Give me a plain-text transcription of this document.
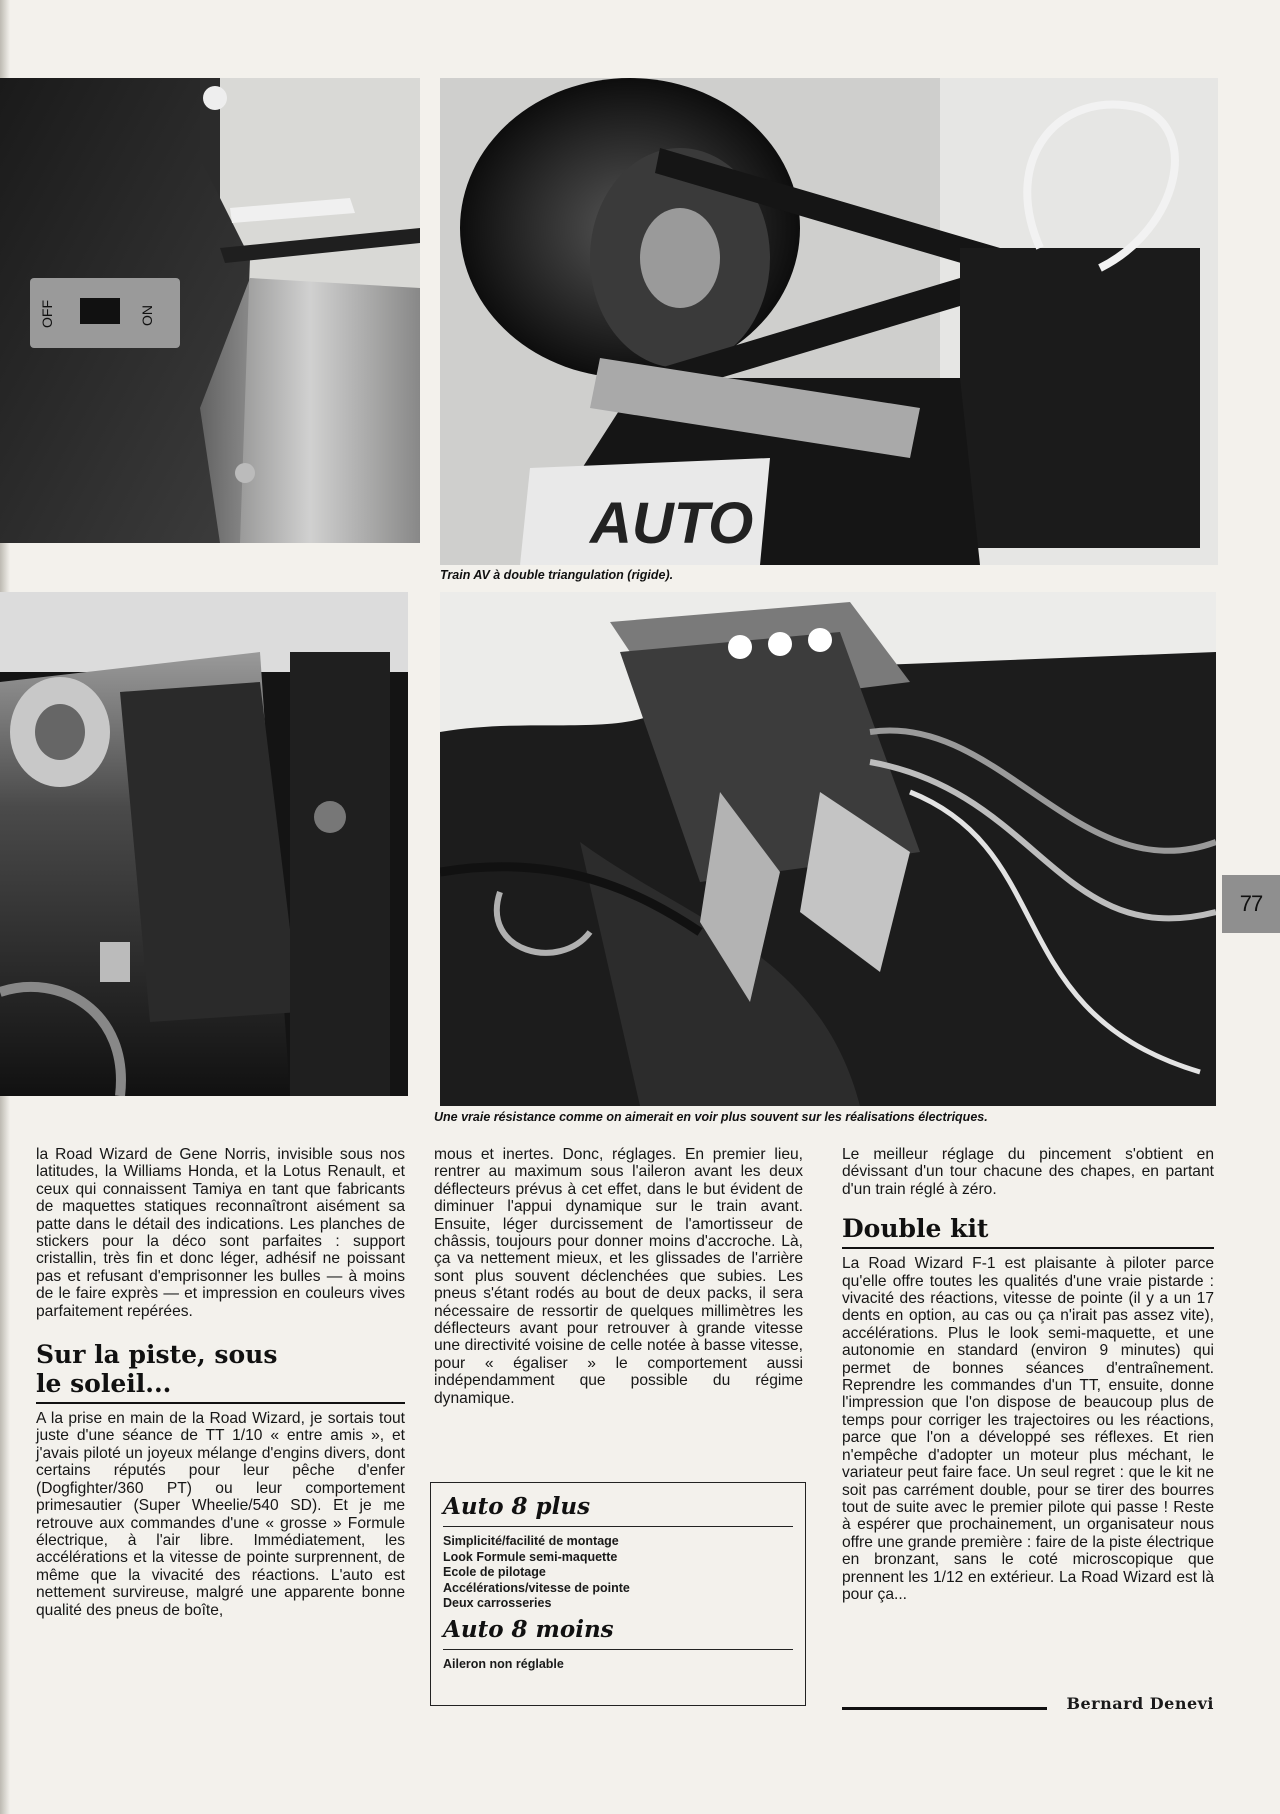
OFF	ON
AUTO
Train AV à double triangulation (rigide).
Une vraie résistance comme on aimerait en voir plus souvent sur les réalisations électriques.
77

la Road Wizard de Gene Norris, invisible sous nos latitudes, la Williams Honda, et la Lotus Renault, et ceux qui connaissent Tamiya en tant que fabricants de maquettes statiques reconnaîtront aisément sa patte dans le détail des indications. Les planches de stickers pour la déco sont parfaites : support cristallin, très fin et donc léger, adhésif ne poissant pas et refusant d'emprisonner les bulles — à moins de le faire exprès — et impression en couleurs vives parfaitement repérées.

Sur la piste, sous
le soleil...

A la prise en main de la Road Wizard, je sortais tout juste d'une séance de TT 1/10 « entre amis », et j'avais piloté un joyeux mélange d'engins divers, dont certains réputés pour leur pêche d'enfer (Dogfighter/360 PT) ou leur comportement primesautier (Super Wheelie/540 SD). Et je me retrouve aux commandes d'une « grosse » Formule électrique, à l'air libre. Immédiatement, les accélérations et la vitesse de pointe surprennent, de même que la vivacité des réactions. L'auto est nettement survireuse, malgré une apparente bonne qualité des pneus de boîte,

mous et inertes. Donc, réglages. En premier lieu, rentrer au maximum sous l'aileron avant les deux déflecteurs prévus à cet effet, dans le but évident de diminuer l'appui dynamique sur le train avant. Ensuite, léger durcissement de l'amortisseur de châssis, toujours pour donner moins d'accroche. Là, ça va nettement mieux, et les glissades de l'arrière sont plus souvent déclenchées que subies. Les pneus s'étant rodés au bout de deux packs, il sera nécessaire de ressortir de quelques millimètres les déflecteurs avant pour retrouver à grande vitesse une directivité voisine de celle notée à basse vitesse, pour « égaliser » le comportement aussi indépendamment que possible du régime dynamique.

Auto 8 plus
Simplicité/facilité de montage
Look Formule semi-maquette
Ecole de pilotage
Accélérations/vitesse de pointe
Deux carrosseries
Auto 8 moins
Aileron non réglable

Le meilleur réglage du pincement s'obtient en dévissant d'un tour chacune des chapes, en partant d'un train réglé à zéro.

Double kit

La Road Wizard F-1 est plaisante à piloter parce qu'elle offre toutes les qualités d'une vraie pistarde : vivacité des réactions, vitesse de pointe (il y a un 17 dents en option, au cas ou ça n'irait pas assez vite), accélérations. Plus le look semi-maquette, et une autonomie en standard (environ 9 minutes) qui permet de bonnes séances d'entraînement. Reprendre les commandes d'un TT, ensuite, donne l'impression que l'on dispose de beaucoup plus de temps pour corriger les trajectoires ou les réactions, parce que l'on a développé ses réflexes. Et rien n'empêche d'adopter un moteur plus méchant, le variateur peut faire face. Un seul regret : que le kit ne soit pas carrément double, pour se tirer des bourres tout de suite avec le premier pilote qui passe ! Reste à espérer que prochainement, un organisateur nous offre une grande première : faire de la piste électrique en bronzant, sans le coté microscopique que prennent les 1/12 en extérieur. La Road Wizard est là pour ça...

Bernard Denevi
